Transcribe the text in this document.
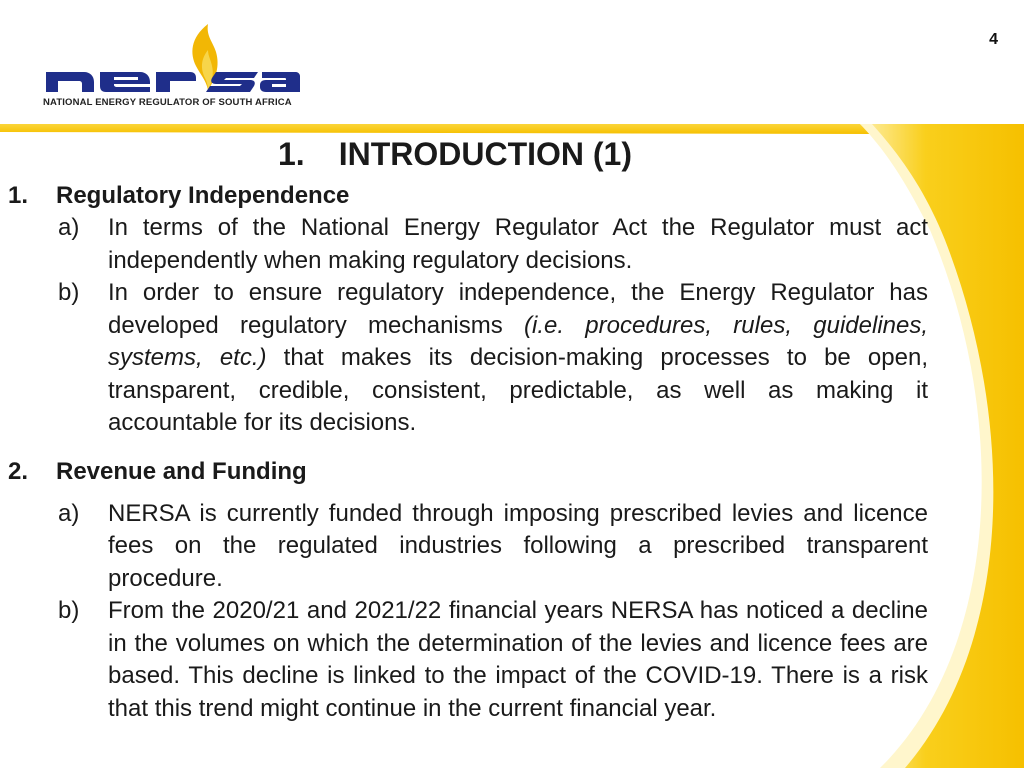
4
NATIONAL ENERGY REGULATOR OF SOUTH AFRICA
1. INTRODUCTION (1)
1. Regulatory Independence
a) In terms of the National Energy Regulator Act the Regulator must act independently when making regulatory decisions.
b) In order to ensure regulatory independence, the Energy Regulator has developed regulatory mechanisms (i.e. procedures, rules, guidelines, systems, etc.) that makes its decision-making processes to be open, transparent, credible, consistent, predictable, as well as making it accountable for its decisions.
2. Revenue and Funding
a) NERSA is currently funded through imposing prescribed levies and licence fees on the regulated industries following a prescribed transparent procedure.
b) From the 2020/21 and 2021/22 financial years NERSA has noticed a decline in the volumes on which the determination of the levies and licence fees are based. This decline is linked to the impact of the COVID-19. There is a risk that this trend might continue in the current financial year.
